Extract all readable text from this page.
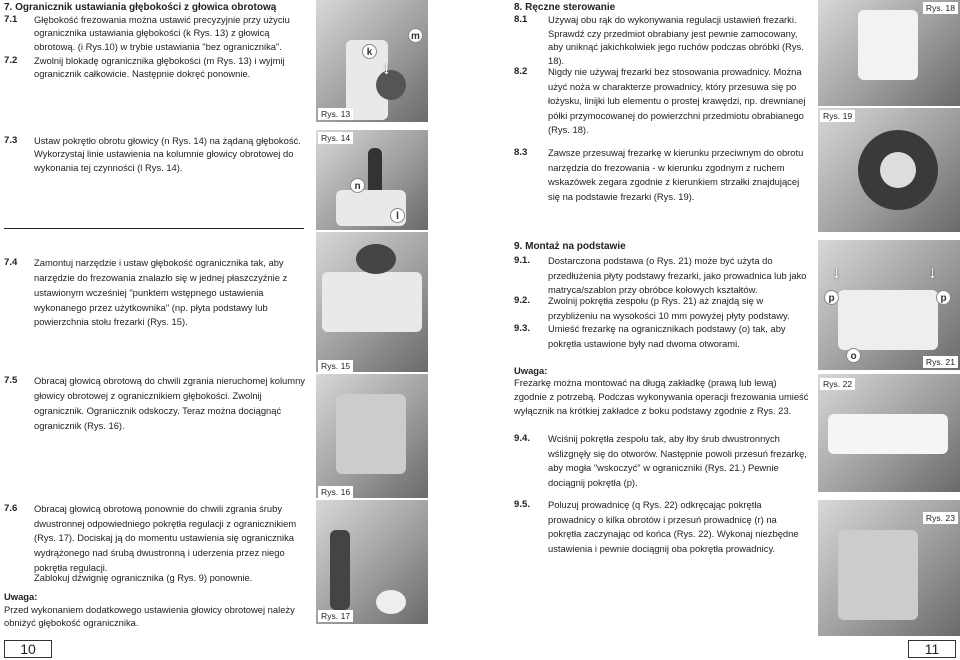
7. Ogranicznik ustawiania głębokości z głowica obrotową
7.1 Głębokość frezowania można ustawić precyzyjnie przy użyciu ogranicznika ustawiania głębokości (k Rys. 13) z głowicą obrotową. (i Rys.10) w trybie ustawiania "bez ogranicznika".
7.2 Zwolnij blokadę ogranicznika głębokości (m Rys. 13) i wyjmij ogranicznik całkowicie. Następnie dokręć ponownie.
7.3 Ustaw pokrętło obrotu głowicy (n Rys. 14) na żądaną głębokość. Wykorzystaj linie ustawienia na kolumnie głowicy obrotowej do wykonania tej czynności (l Rys. 14).
7.4 Zamontuj narzędzie i ustaw głębokość ogranicznika tak, aby narzędzie do frezowania znalazło się w jednej płaszczyźnie z ustawionym wcześniej "punktem wstępnego ustawienia wykonanego przez użytkownika" (np. płyta podstawy lub powierzchnia stołu frezarki (Rys. 15).
7.5 Obracaj głowicą obrotową do chwili zgrania nieruchomej kolumny głowicy obrotowej z ogranicznikiem głębokości. Zwolnij ogranicznik. Ogranicznik odskoczy. Teraz można dociągnąć ogranicznik (Rys. 16).
7.6 Obracaj głowicą obrotową ponownie do chwili zgrania śruby dwustronnej odpowiedniego pokrętła regulacji z ogranicznikiem (Rys. 17). Dociskaj ją do momentu ustawienia się ogranicznika wydrążonego nad śrubą dwustronną i uderzenia przez niego pokrętła regulacji.
Zablokuj dźwignię ogranicznika (g Rys. 9) ponownie.
Uwaga:
Przed wykonaniem dodatkowego ustawienia głowicy obrotowej należy obniżyć głębokość ogranicznika.
10
k
m
↓
Rys. 13
n
l
Rys. 14
Rys. 15
Rys. 16
Rys. 17
8. Ręczne sterowanie
8.1 Używaj obu rąk do wykonywania regulacji ustawień frezarki.
Sprawdź czy przedmiot obrabiany jest pewnie zamocowany, aby uniknąć jakichkolwiek jego ruchów podczas obróbki (Rys. 18).
8.2 Nigdy nie używaj frezarki bez stosowania prowadnicy. Można użyć noża w charakterze prowadnicy, który przesuwa się po łożysku, linijki lub elementu o prostej krawędzi, np. drewnianej półki przymocowanej do powierzchni przedmiotu obrabianego (Rys. 18).
8.3 Zawsze przesuwaj frezarkę w kierunku przeciwnym do obrotu narzędzia do frezowania - w kierunku zgodnym z ruchem wskazówek zegara zgodnie z kierunkiem strzałki znajdującej się na podstawie frezarki (Rys. 19).
9. Montaż na podstawie
9.1. Dostarczona podstawa (o Rys. 21) może być użyta do przedłużenia płyty podstawy frezarki, jako prowadnica lub jako matryca/szablon przy obróbce kołowych kształtów.
9.2. Zwolnij pokrętła zespołu (p Rys. 21) aż znajdą się w przybliżeniu na wysokości 10 mm powyżej płyty podstawy.
9.3. Umieść frezarkę na ogranicznikach podstawy (o) tak, aby pokrętła ustawione były nad dwoma otworami.
Uwaga:
Frezarkę można montować na długą zakładkę (prawą lub lewą) zgodnie z potrzebą. Podczas wykonywania operacji frezowania umieść wyłącznik na krótkiej zakładce z boku podstawy zgodnie z Rys. 23.
9.4. Wciśnij pokrętła zespołu tak, aby łby śrub dwustronnych wślizgnęły się do otworów. Następnie powoli przesuń frezarkę, aby mogła "wskoczyć" w ograniczniki (Rys. 21.) Pewnie dociągnij pokrętła (p).
9.5. Poluzuj prowadnicę (q Rys. 22) odkręcając pokrętła prowadnicy o kilka obrotów i przesuń prowadnicę (r) na pokrętła zaczynając od końca (Rys. 22). Wykonaj niezbędne ustawienia i pewnie dociągnij oba pokrętła prowadnicy.
11
Rys. 18
Rys. 19
↓	↓
p	p
o	Rys. 21
Rys. 22
Rys. 23
